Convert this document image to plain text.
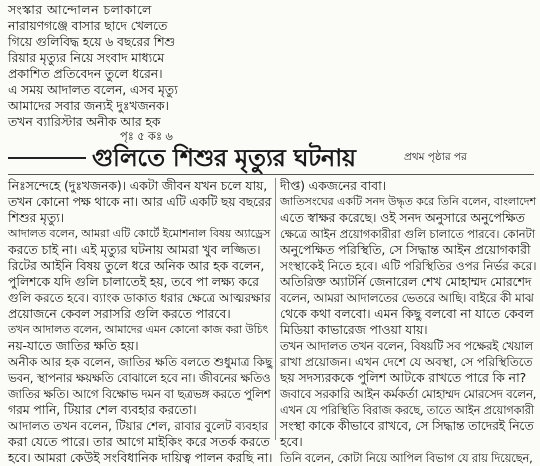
সংস্কার আন্দোলন চলাকালে
নারায়ণগঞ্জে বাসার ছাদে খেলতে
গিয়ে গুলিবিদ্ধ হয়ে ৬ বছরের শিশু
রিয়ার মৃত্যুর নিয়ে সংবাদ মাধ্যমে
প্রকাশিত প্রতিবেদন তুলে ধরেন।
এ সময় আদালত বলেন, এসব মৃত্যু
আমাদের সবার জন্যই দুঃখজনক।
তখন ব্যারিস্টার অনীক আর হক
পৃঃ ৫ কঃ ৬
গুলিতে শিশুর মৃত্যুর ঘটনায়	প্রথম পৃষ্ঠার পর
নিঃসন্দেহে (দুঃখজনক)। একটা জীবন যখন চলে যায়,
তখন কোনো পক্ষ থাকে না। আর এটি একটি ছয় বছরের
শিশুর মৃত্যু।
আদালত বলেন, আমরা এটি কোর্টে ইমোশনাল বিষয় অ্যাড্রেস
করতে চাই না। এই মৃত্যুর ঘটনায় আমরা খুব লজ্জিত।
রিটের আইনি বিষয় তুলে ধরে অনিক আর হক বলেন,
পুলিশকে যদি গুলি চালাতেই হয়, তবে পা লক্ষ্য করে
গুলি করতে হবে। ব্যাংক ডাকাত ধরার ক্ষেত্রে আত্মরক্ষার
প্রয়োজনে কেবল সরাসরি গুলি করতে পারবে।
তখন আদালত বলেন, আমাদের এমন কোনো কাজ করা উচিৎ
নয়-যাতে জাতির ক্ষতি হয়।
অনীক আর হক বলেন, জাতির ক্ষতি বলতে শুধুমাত্র কিছু
ভবন, স্থাপনার ক্ষয়ক্ষতি বোঝালে হবে না। জীবনের ক্ষতিও
জাতির ক্ষতি। আগে বিক্ষোভ দমন বা ছত্রভঙ্গ করতে পুলিশ
গরম পানি, টিয়ার শেল ব্যবহার করতো।
আদালত তখন বলেন, টিয়ার শেল, রাবার বুলেট ব্যবহার
করা যেতে পারে। তার আগে মাইকিং করে সতর্ক করতে
হবে। আমরা কেউই সংবিধানিক দায়িত্ব পালন করছি না।
দীপ্ত) একজনের বাবা।
জাতিসংঘের একটি সনদ উদ্ধৃত করে তিনি বলেন, বাংলাদেশ
এতে স্বাক্ষর করেছে। ওই সনদ অনুসারে অনুপেক্ষিত
ক্ষেত্রে আইন প্রয়োগকারীরা গুলি চালাতে পারবে। কোনটা
অনুপেক্ষিত পরিস্থিতি, সে সিদ্ধান্ত আইন প্রয়োগকারী
সংস্থাকেই নিতে হবে। এটি পরিস্থিতির ওপর নির্ভর করে।
অতিরিক্ত অ্যাটর্নি জেনারেল শেখ মোহাম্মদ মোরশেদ
বলেন, আমরা আদালতের ভেতরে আছি। বাইরে কী মাঝ
থেকে কথা বলবো। এমন কিছু বলবো না যাতে কেবল
মিডিয়া কাভারেজ পাওয়া যায়।
তখন আদালত তখন বলেন, বিষয়টি সব পক্ষেরই খেয়াল
রাখা প্রয়োজন। এখন দেশে যে অবস্থা, সে পরিস্থিতিতে
ছয় সদস্যরককে পুলিশ আটকে রাখতে পারে কি না?
জবাবে সরকারি আইন কর্মকর্তা মোহাম্মদ মোরসেদ বলেন,
এখন যে পরিস্থিতি বিরাজ করছে, তাতে আইন প্রয়োগকারী
সংস্থা কাকে কীভাবে রাখবে, সে সিদ্ধান্ত তাদেরই নিতে
হবে।
তিনি বলেন, কোটা নিয়ে আপিল বিভাগ যে রায় দিয়েছেন,
